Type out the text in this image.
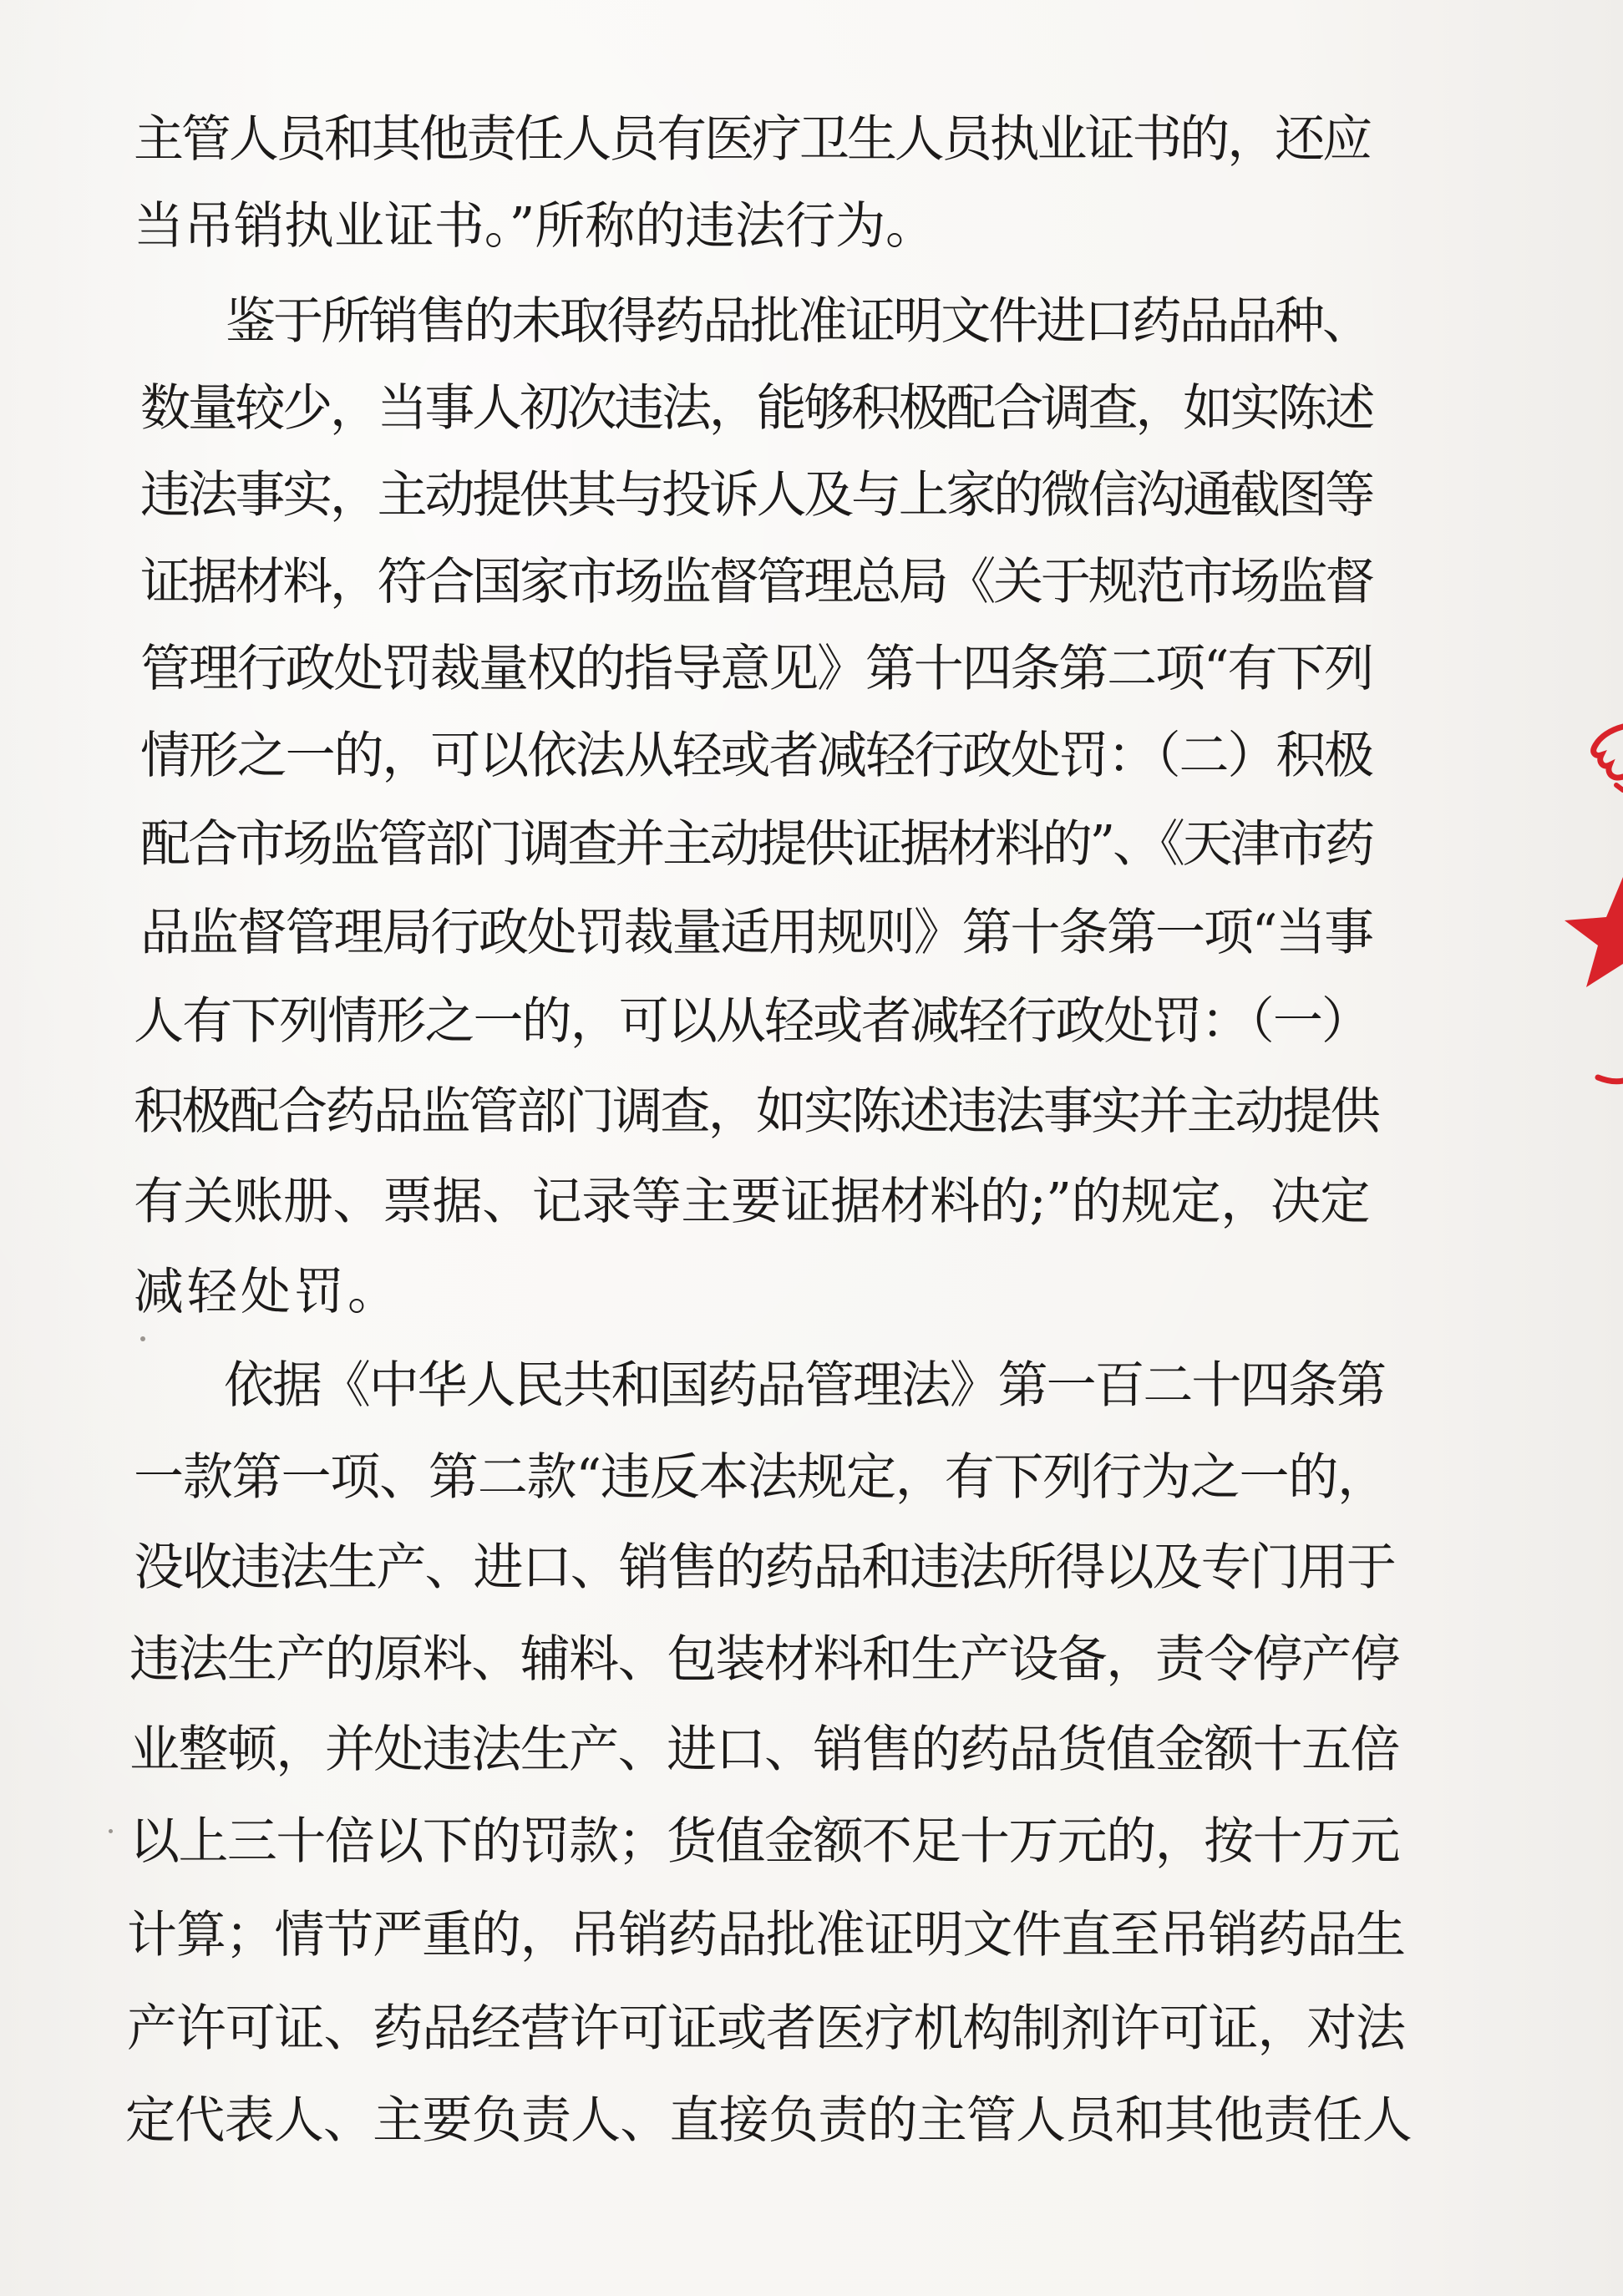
主管人员和其他责任人员有医疗卫生人员执业证书的，还应
当吊销执业证书。”所称的违法行为。
鉴于所销售的未取得药品批准证明文件进口药品品种、
数量较少，当事人初次违法，能够积极配合调查，如实陈述
违法事实，主动提供其与投诉人及与上家的微信沟通截图等
证据材料，符合国家市场监督管理总局《关于规范市场监督
管理行政处罚裁量权的指导意见》第十四条第二项“有下列
情形之一的，可以依法从轻或者减轻行政处罚：（二）积极
配合市场监管部门调查并主动提供证据材料的”、《天津市药
品监督管理局行政处罚裁量适用规则》第十条第一项“当事
人有下列情形之一的，可以从轻或者减轻行政处罚：（一）
积极配合药品监管部门调查，如实陈述违法事实并主动提供
有关账册、票据、记录等主要证据材料的;”的规定，决定
减轻处罚。
依据《中华人民共和国药品管理法》第一百二十四条第
一款第一项、第二款“违反本法规定，有下列行为之一的，
没收违法生产、进口、销售的药品和违法所得以及专门用于
违法生产的原料、辅料、包装材料和生产设备，责令停产停
业整顿，并处违法生产、进口、销售的药品货值金额十五倍
以上三十倍以下的罚款；货值金额不足十万元的，按十万元
计算；情节严重的，吊销药品批准证明文件直至吊销药品生
产许可证、药品经营许可证或者医疗机构制剂许可证，对法
定代表人、主要负责人、直接负责的主管人员和其他责任人
